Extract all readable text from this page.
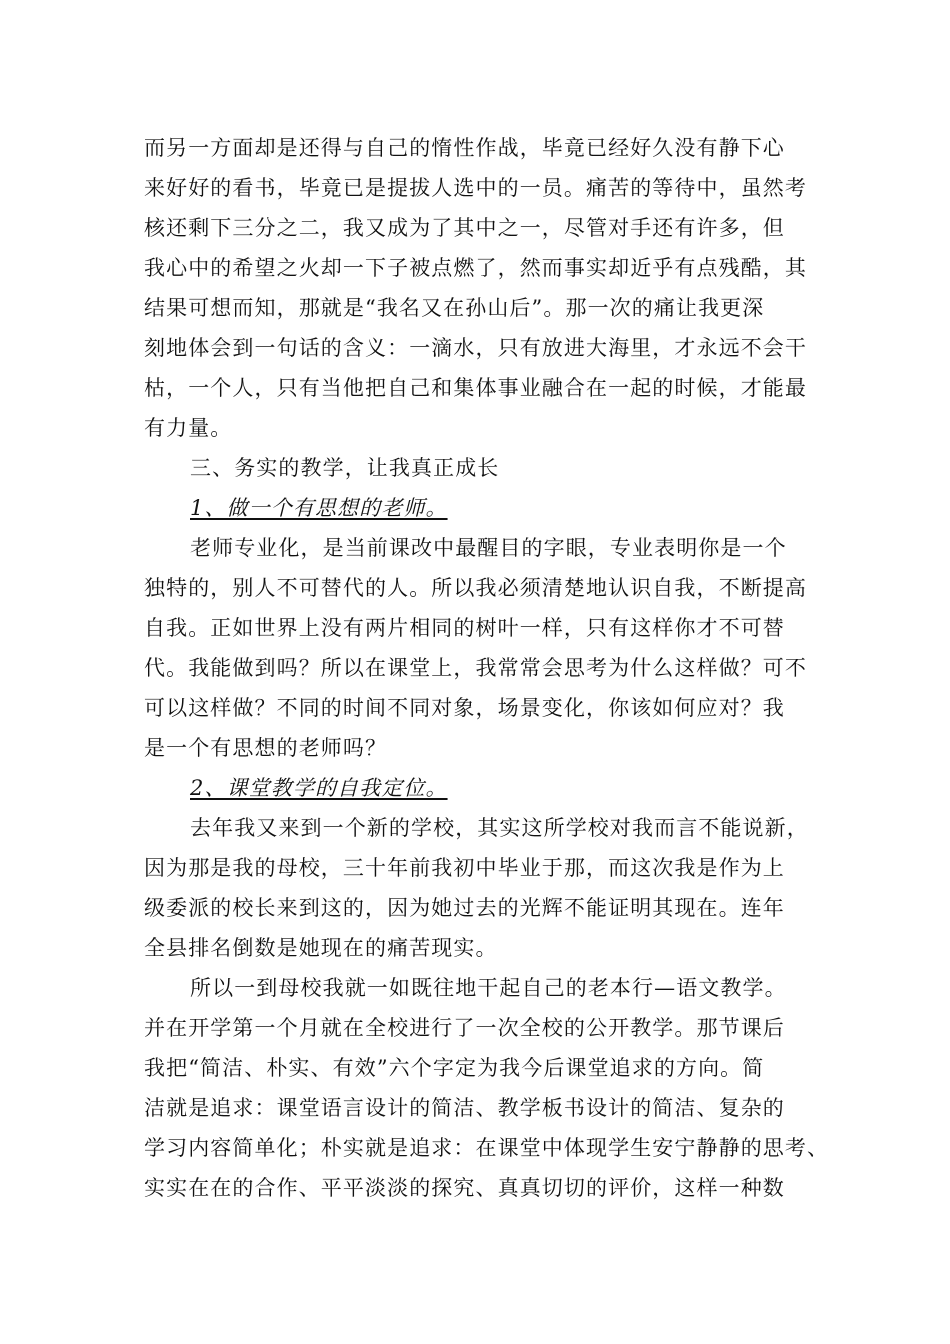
而另一方面却是还得与自己的惰性作战，毕竟已经好久没有静下心
来好好的看书，毕竟已是提拔人选中的一员。痛苦的等待中，虽然考
核还剩下三分之二，我又成为了其中之一，尽管对手还有许多，但
我心中的希望之火却一下子被点燃了，然而事实却近乎有点残酷，其
结果可想而知，那就是“我名又在孙山后”。那一次的痛让我更深
刻地体会到一句话的含义：一滴水，只有放进大海里，才永远不会干
枯，一个人，只有当他把自己和集体事业融合在一起的时候，才能最
有力量。
三、务实的教学，让我真正成长
1、做一个有思想的老师。
老师专业化，是当前课改中最醒目的字眼，专业表明你是一个
独特的，别人不可替代的人。所以我必须清楚地认识自我，不断提高
自我。正如世界上没有两片相同的树叶一样，只有这样你才不可替
代。我能做到吗？所以在课堂上，我常常会思考为什么这样做？可不
可以这样做？不同的时间不同对象，场景变化，你该如何应对？我
是一个有思想的老师吗？
2、课堂教学的自我定位。
去年我又来到一个新的学校，其实这所学校对我而言不能说新，
因为那是我的母校，三十年前我初中毕业于那，而这次我是作为上
级委派的校长来到这的，因为她过去的光辉不能证明其现在。连年
全县排名倒数是她现在的痛苦现实。
所以一到母校我就一如既往地干起自己的老本行—语文教学。
并在开学第一个月就在全校进行了一次全校的公开教学。那节课后
我把“简洁、朴实、有效”六个字定为我今后课堂追求的方向。简
洁就是追求：课堂语言设计的简洁、教学板书设计的简洁、复杂的
学习内容简单化；朴实就是追求：在课堂中体现学生安宁静静的思考、
实实在在的合作、平平淡淡的探究、真真切切的评价，这样一种数
